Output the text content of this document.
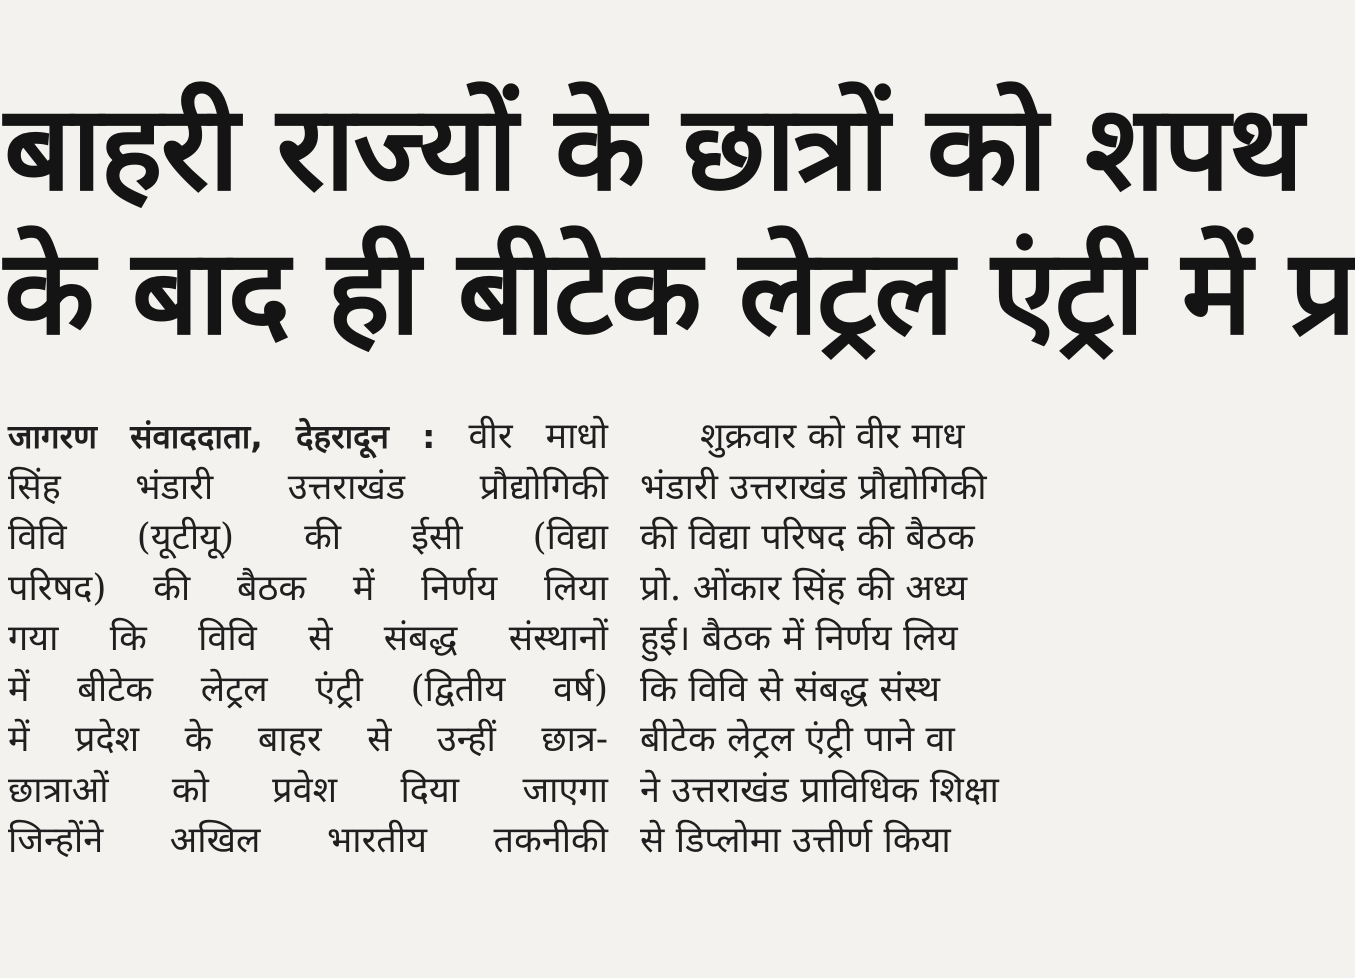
बाहरी राज्यों के छात्रों को शपथ
के बाद ही बीटेक लेट्रल एंट्री में प्र
जागरण संवाददाता, देहरादून : वीर माधो
सिंह भंडारी उत्तराखंड प्रौद्योगिकी
विवि (यूटीयू) की ईसी (विद्या
परिषद) की बैठक में निर्णय लिया
गया कि विवि से संबद्ध संस्थानों
में बीटेक लेट्रल एंट्री (द्वितीय वर्ष)
में प्रदेश के बाहर से उन्हीं छात्र-
छात्राओं को प्रवेश दिया जाएगा
जिन्होंने अखिल भारतीय तकनीकी
शुक्रवार को वीर माध
भंडारी उत्तराखंड प्रौद्योगिकी
की विद्या परिषद की बैठक
प्रो. ओंकार सिंह की अध्य
हुई। बैठक में निर्णय लिय
कि विवि से संबद्ध संस्थ
बीटेक लेट्रल एंट्री पाने वा
ने उत्तराखंड प्राविधिक शिक्षा
से डिप्लोमा उत्तीर्ण किया
